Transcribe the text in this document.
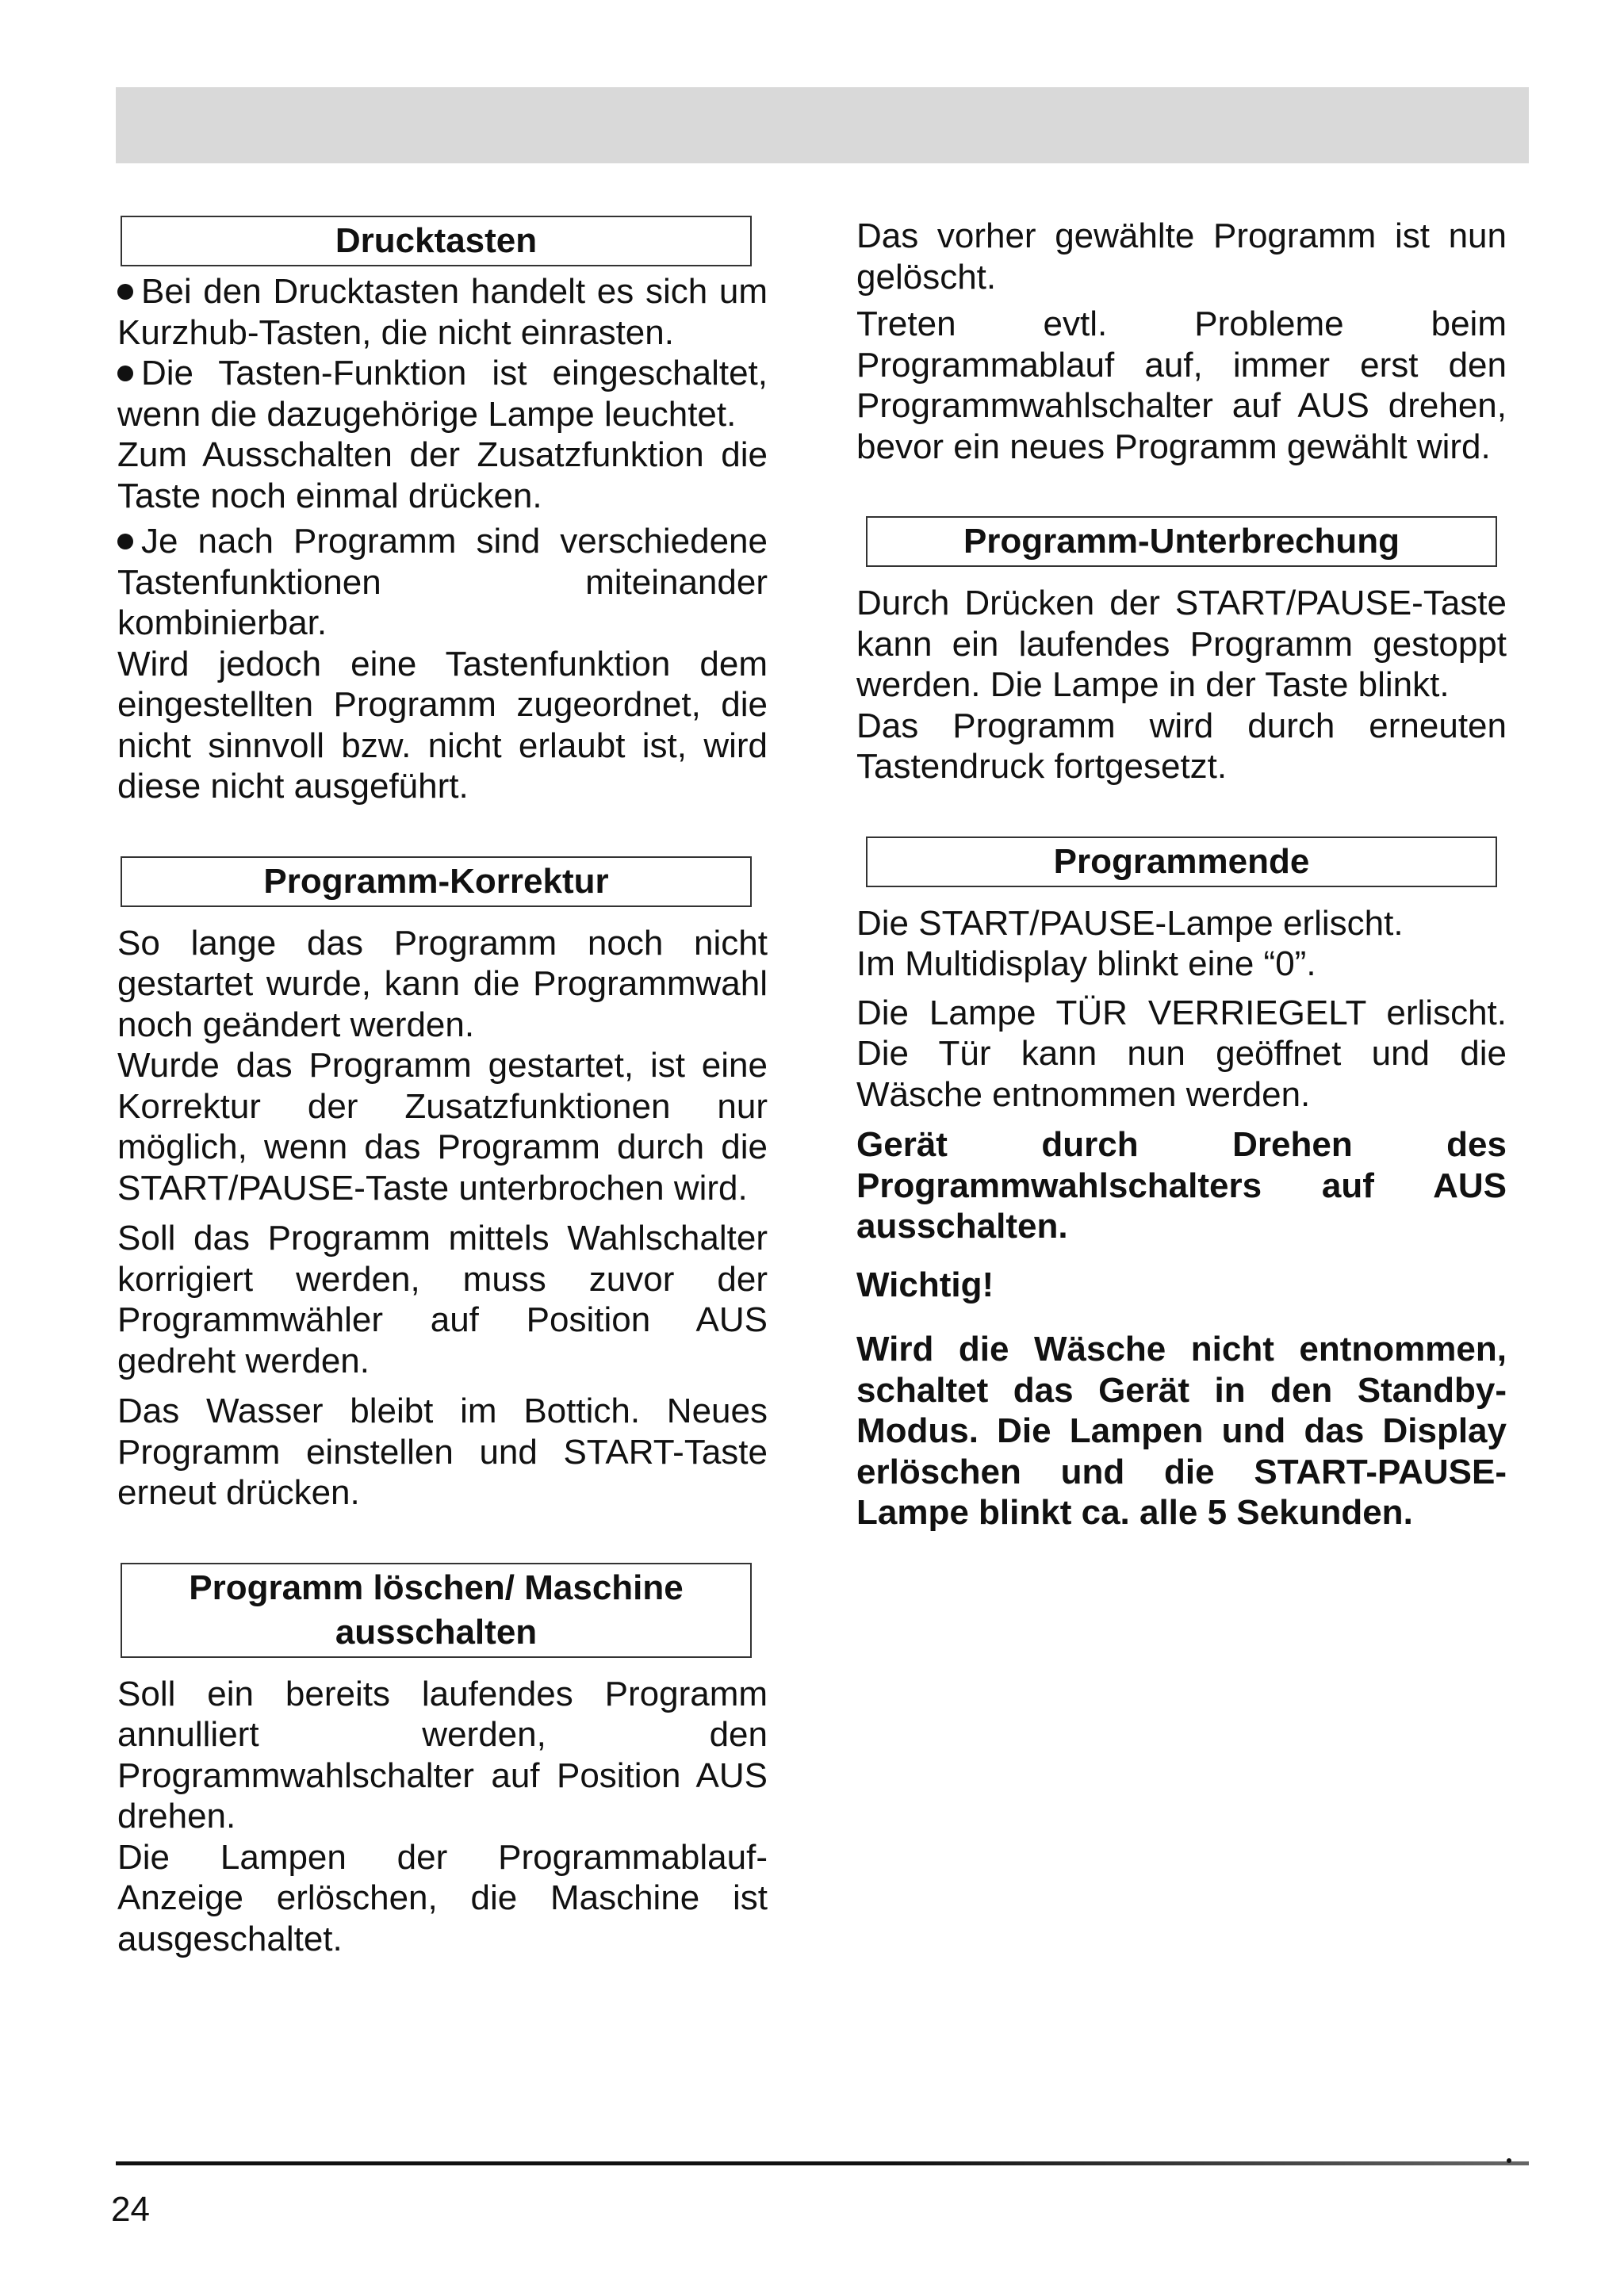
Drucktasten

Bei den Drucktasten handelt es sich um Kurzhub-Tasten, die nicht einrasten.

Die Tasten-Funktion ist eingeschaltet, wenn die dazugehörige Lampe leuchtet.

Zum Ausschalten der Zusatzfunktion die Taste noch einmal drücken.

Je nach Programm sind verschiedene Tastenfunktionen miteinander kombinierbar.

Wird jedoch eine Tastenfunktion dem eingestellten Programm zugeordnet, die nicht sinnvoll bzw. nicht erlaubt ist, wird diese nicht ausgeführt.

Programm-Korrektur

So lange das Programm noch nicht gestartet wurde, kann die Programmwahl noch geändert werden.

Wurde das Programm gestartet, ist eine Korrektur der Zusatzfunktionen nur möglich, wenn das Programm durch die START/PAUSE-Taste unterbrochen wird.

Soll das Programm mittels Wahlschalter korrigiert werden, muss zuvor der Programmwähler auf Position AUS gedreht werden.

Das Wasser bleibt im Bottich. Neues Programm einstellen und START-Taste erneut drücken.

Programm löschen/ Maschine ausschalten

Soll ein bereits laufendes Programm annulliert werden, den Programmwahlschalter auf Position AUS drehen.

Die Lampen der Programmablauf-Anzeige erlöschen, die Maschine ist ausgeschaltet.

Das vorher gewählte Programm ist nun gelöscht.

Treten evtl. Probleme beim Programmablauf auf, immer erst den Programmwahlschalter auf AUS drehen, bevor ein neues Programm gewählt wird.

Programm-Unterbrechung

Durch Drücken der START/PAUSE-Taste kann ein laufendes Programm gestoppt werden. Die Lampe in der Taste blinkt.

Das Programm wird durch erneuten Tastendruck fortgesetzt.

Programmende

Die START/PAUSE-Lampe erlischt.

Im Multidisplay blinkt eine “0”.

Die Lampe TÜR VERRIEGELT erlischt. Die Tür kann nun geöffnet und die Wäsche entnommen werden.

Gerät durch Drehen des Programmwahlschalters auf AUS ausschalten.

Wichtig!

Wird die Wäsche nicht entnommen, schaltet das Gerät in den Standby-Modus. Die Lampen und das Display erlöschen und die START-PAUSE-Lampe blinkt ca. alle 5 Sekunden.

24
